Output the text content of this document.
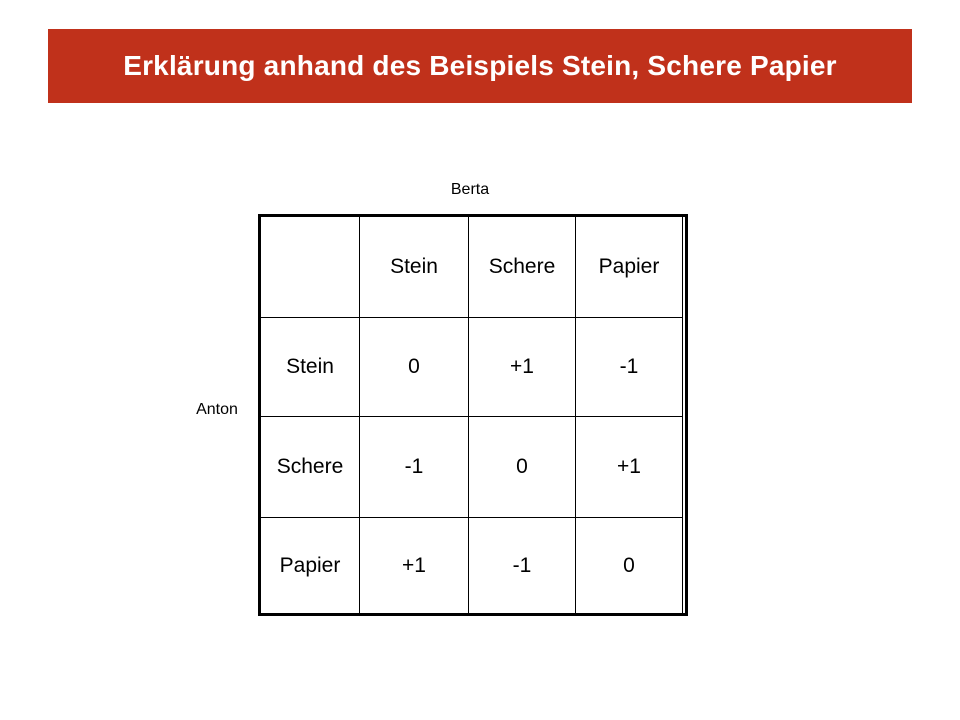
Erklärung anhand des Beispiels Stein, Schere Papier
Berta
Anton
	Stein	Schere	Papier
Stein	0	+1	-1
Schere	-1	0	+1
Papier	+1	-1	0
